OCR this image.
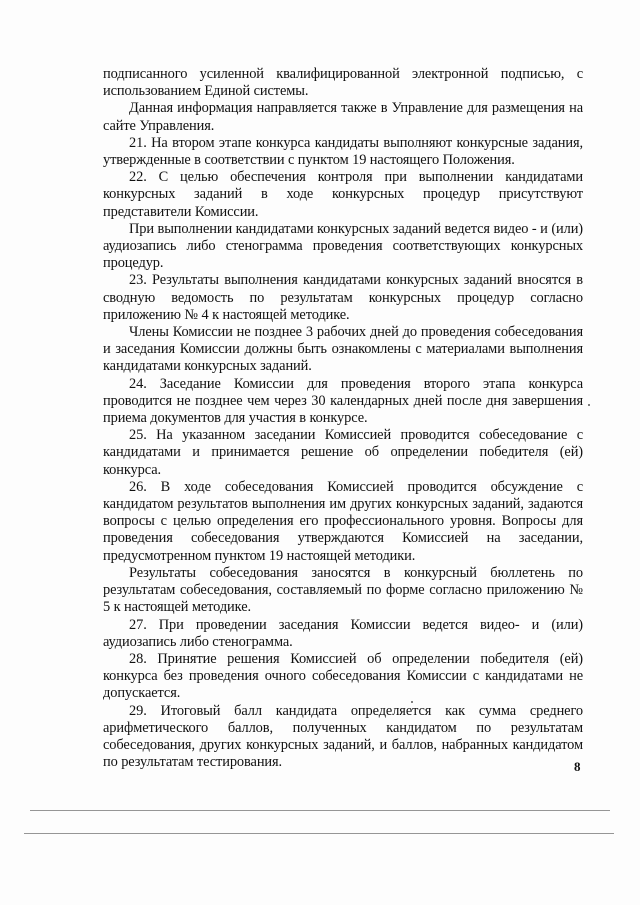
подписанного усиленной квалифицированной электронной подписью, с использованием Единой системы.

Данная информация направляется также в Управление для размещения на сайте Управления.

21. На втором этапе конкурса кандидаты выполняют конкурсные задания, утвержденные в соответствии с пунктом 19 настоящего Положения.

22. С целью обеспечения контроля при выполнении кандидатами конкурсных заданий в ходе конкурсных процедур присутствуют представители Комиссии.

При выполнении кандидатами конкурсных заданий ведется видео - и (или) аудиозапись либо стенограмма проведения соответствующих конкурсных процедур.

23. Результаты выполнения кандидатами конкурсных заданий вносятся в сводную ведомость по результатам конкурсных процедур согласно приложению № 4 к настоящей методике.

Члены Комиссии не позднее 3 рабочих дней до проведения собеседования и заседания Комиссии должны быть ознакомлены с материалами выполнения кандидатами конкурсных заданий.

24. Заседание Комиссии для проведения второго этапа конкурса проводится не позднее чем через 30 календарных дней после дня завершения приема документов для участия в конкурсе.

25. На указанном заседании Комиссией проводится собеседование с кандидатами и принимается решение об определении победителя (ей) конкурса.

26. В ходе собеседования Комиссией проводится обсуждение с кандидатом результатов выполнения им других конкурсных заданий, задаются вопросы с целью определения его профессионального уровня. Вопросы для проведения собеседования утверждаются Комиссией на заседании, предусмотренном пунктом 19 настоящей методики.

Результаты собеседования заносятся в конкурсный бюллетень по результатам собеседования, составляемый по форме согласно приложению № 5 к настоящей методике.

27. При проведении заседания Комиссии ведется видео- и (или) аудиозапись либо стенограмма.

28. Принятие решения Комиссией об определении победителя (ей) конкурса без проведения очного собеседования Комиссии с кандидатами не допускается.

29. Итоговый балл кандидата определяется как сумма среднего арифметического баллов, полученных кандидатом по результатам собеседования, других конкурсных заданий, и баллов, набранных кандидатом по результатам тестирования.	8
